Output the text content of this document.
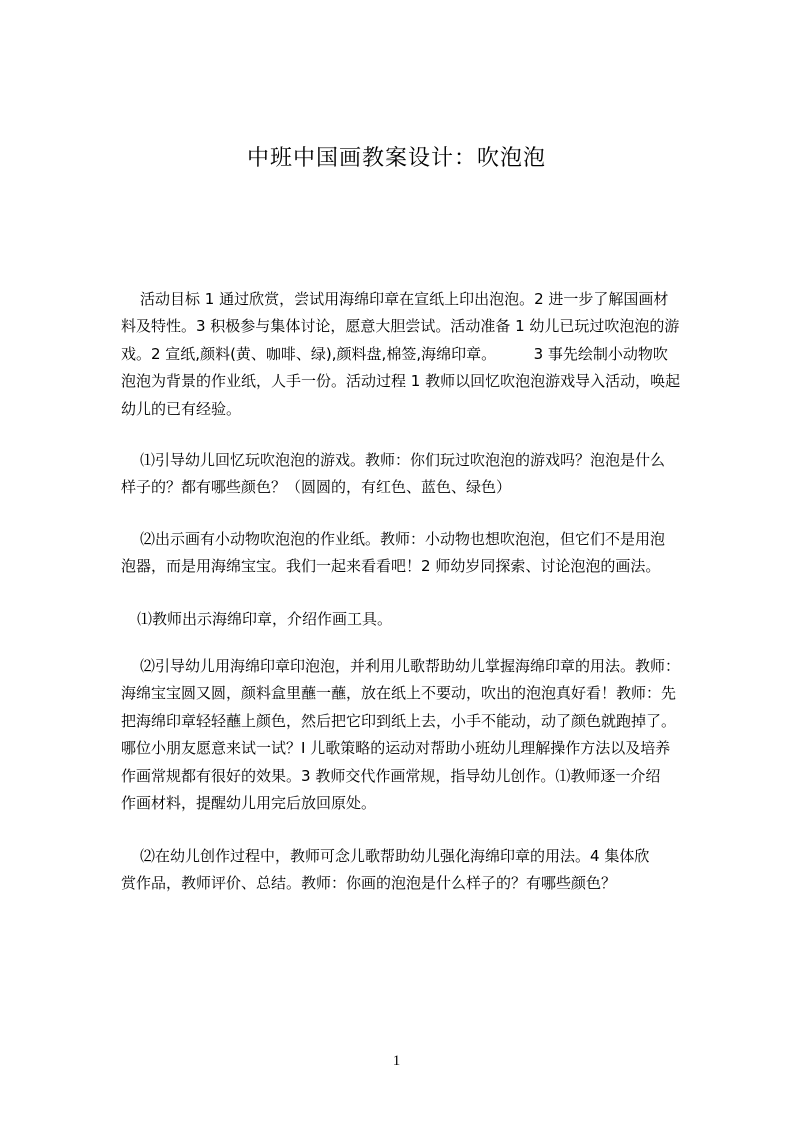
中班中国画教案设计：吹泡泡
活动目标 1 通过欣赏，尝试用海绵印章在宣纸上印出泡泡。2 进一步了解国画材
料及特性。3 积极参与集体讨论，愿意大胆尝试。活动准备 1 幼儿已玩过吹泡泡的游
戏。2 宣纸,颜料(黄、咖啡、绿),颜料盘,棉签,海绵印章。　　　3 事先绘制小动物吹
泡泡为背景的作业纸，人手一份。活动过程 1 教师以回忆吹泡泡游戏导入活动，唤起
幼儿的已有经验。
⑴引导幼儿回忆玩吹泡泡的游戏。教师：你们玩过吹泡泡的游戏吗？泡泡是什么
样子的？都有哪些颜色？（圆圆的，有红色、蓝色、绿色）
⑵出示画有小动物吹泡泡的作业纸。教师：小动物也想吹泡泡，但它们不是用泡
泡器，而是用海绵宝宝。我们一起来看看吧！2 师幼岁同探索、讨论泡泡的画法。
⑴教师出示海绵印章，介绍作画工具。
⑵引导幼儿用海绵印章印泡泡，并利用儿歌帮助幼儿掌握海绵印章的用法。教师：
海绵宝宝圆又圆，颜料盒里蘸一蘸，放在纸上不要动，吹出的泡泡真好看！教师：先
把海绵印章轻轻蘸上颜色，然后把它印到纸上去，小手不能动，动了颜色就跑掉了。
哪位小朋友愿意来试一试？I 儿歌策略的运动对帮助小班幼儿理解操作方法以及培养
作画常规都有很好的效果。3 教师交代作画常规，指导幼儿创作。⑴教师逐一介绍
作画材料，提醒幼儿用完后放回原处。
⑵在幼儿创作过程中，教师可念儿歌帮助幼儿强化海绵印章的用法。4 集体欣
赏作品，教师评价、总结。教师：你画的泡泡是什么样子的？有哪些颜色？
1
